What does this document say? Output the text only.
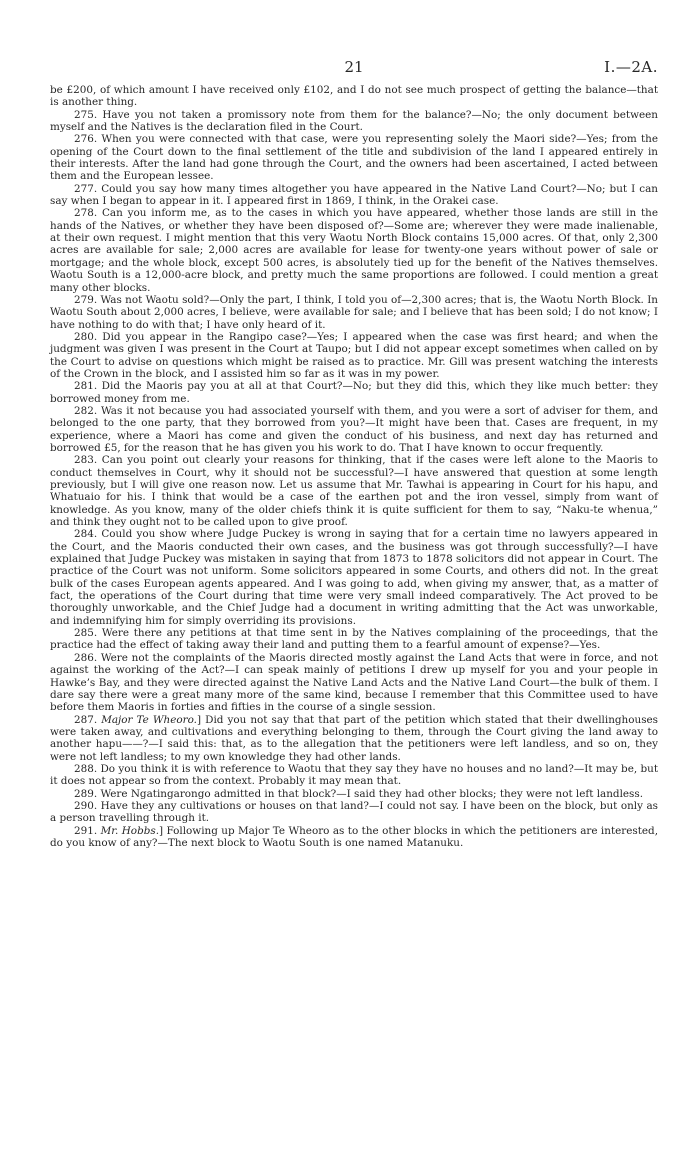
21	I.—2A.

be £200, of which amount I have received only £102, and I do not see much prospect of getting the balance—that is another thing.

275. Have you not taken a promissory note from them for the balance?—No; the only document between myself and the Natives is the declaration filed in the Court.

276. When you were connected with that case, were you representing solely the Maori side?—Yes; from the opening of the Court down to the final settlement of the title and subdivision of the land I appeared entirely in their interests. After the land had gone through the Court, and the owners had been ascertained, I acted between them and the European lessee.

277. Could you say how many times altogether you have appeared in the Native Land Court?—No; but I can say when I began to appear in it. I appeared first in 1869, I think, in the Orakei case.

278. Can you inform me, as to the cases in which you have appeared, whether those lands are still in the hands of the Natives, or whether they have been disposed of?—Some are; wherever they were made inalienable, at their own request. I might mention that this very Waotu North Block contains 15,000 acres. Of that, only 2,300 acres are available for sale; 2,000 acres are available for lease for twenty-one years without power of sale or mortgage; and the whole block, except 500 acres, is absolutely tied up for the benefit of the Natives themselves. Waotu South is a 12,000-acre block, and pretty much the same proportions are followed. I could mention a great many other blocks.

279. Was not Waotu sold?—Only the part, I think, I told you of—2,300 acres; that is, the Waotu North Block. In Waotu South about 2,000 acres, I believe, were available for sale; and I believe that has been sold; I do not know; I have nothing to do with that; I have only heard of it.

280. Did you appear in the Rangipo case?—Yes; I appeared when the case was first heard; and when the judgment was given I was present in the Court at Taupo; but I did not appear except sometimes when called on by the Court to advise on questions which might be raised as to practice. Mr. Gill was present watching the interests of the Crown in the block, and I assisted him so far as it was in my power.

281. Did the Maoris pay you at all at that Court?—No; but they did this, which they like much better: they borrowed money from me.

282. Was it not because you had associated yourself with them, and you were a sort of adviser for them, and belonged to the one party, that they borrowed from you?—It might have been that. Cases are frequent, in my experience, where a Maori has come and given the conduct of his business, and next day has returned and borrowed £5, for the reason that he has given you his work to do. That I have known to occur frequently.

283. Can you point out clearly your reasons for thinking, that if the cases were left alone to the Maoris to conduct themselves in Court, why it should not be successful?—I have answered that question at some length previously, but I will give one reason now. Let us assume that Mr. Tawhai is appearing in Court for his hapu, and Whatuaio for his. I think that would be a case of the earthen pot and the iron vessel, simply from want of knowledge. As you know, many of the older chiefs think it is quite sufficient for them to say, “Naku-te whenua,” and think they ought not to be called upon to give proof.

284. Could you show where Judge Puckey is wrong in saying that for a certain time no lawyers appeared in the Court, and the Maoris conducted their own cases, and the business was got through successfully?—I have explained that Judge Puckey was mistaken in saying that from 1873 to 1878 solicitors did not appear in Court. The practice of the Court was not uniform. Some solicitors appeared in some Courts, and others did not. In the great bulk of the cases European agents appeared. And I was going to add, when giving my answer, that, as a matter of fact, the operations of the Court during that time were very small indeed comparatively. The Act proved to be thoroughly unworkable, and the Chief Judge had a document in writing admitting that the Act was unworkable, and indemnifying him for simply overriding its provisions.

285. Were there any petitions at that time sent in by the Natives complaining of the proceedings, that the practice had the effect of taking away their land and putting them to a fearful amount of expense?—Yes.

286. Were not the complaints of the Maoris directed mostly against the Land Acts that were in force, and not against the working of the Act?—I can speak mainly of petitions I drew up myself for you and your people in Hawke’s Bay, and they were directed against the Native Land Acts and the Native Land Court—the bulk of them. I dare say there were a great many more of the same kind, because I remember that this Committee used to have before them Maoris in forties and fifties in the course of a single session.

287. Major Te Wheoro.] Did you not say that that part of the petition which stated that their dwellinghouses were taken away, and cultivations and everything belonging to them, through the Court giving the land away to another hapu——?—I said this: that, as to the allegation that the petitioners were left landless, and so on, they were not left landless; to my own knowledge they had other lands.

288. Do you think it is with reference to Waotu that they say they have no houses and no land?—It may be, but it does not appear so from the context. Probably it may mean that.

289. Were Ngatingarongo admitted in that block?—I said they had other blocks; they were not left landless.

290. Have they any cultivations or houses on that land?—I could not say. I have been on the block, but only as a person travelling through it.

291. Mr. Hobbs.] Following up Major Te Wheoro as to the other blocks in which the petitioners are interested, do you know of any?—The next block to Waotu South is one named Matanuku.
